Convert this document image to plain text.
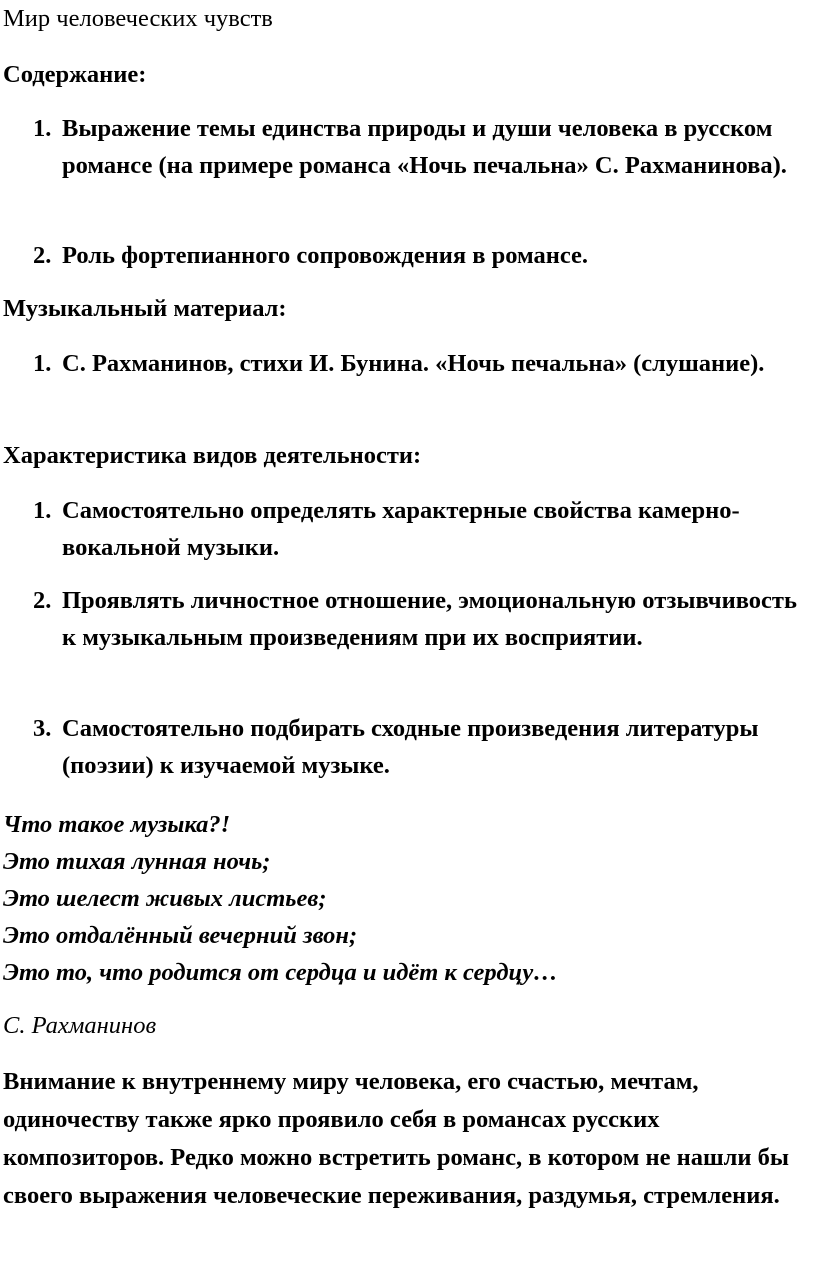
Мир человеческих чувств
Содержание:
1. Выражение темы единства природы и души человека в русском романсе (на примере романса «Ночь печальна» С. Рахманинова).
2. Роль фортепианного сопровождения в романсе.
Музыкальный материал:
1. С. Рахманинов, стихи И. Бунина. «Ночь печальна» (слушание).
Характеристика видов деятельности:
1. Самостоятельно определять характерные свойства камерно-вокальной музыки.
2. Проявлять личностное отношение, эмоциональную отзывчивость к музыкальным произведениям при их восприятии.
3. Самостоятельно подбирать сходные произведения литературы (поэзии) к изучаемой музыке.
Что такое музыка?!
Это тихая лунная ночь;
Это шелест живых листьев;
Это отдалённый вечерний звон;
Это то, что родится от сердца и идёт к сердцу…
С. Рахманинов
Внимание к внутреннему миру человека, его счастью, мечтам, одиночеству также ярко проявило себя в романсах русских композиторов. Редко можно встретить романс, в котором не нашли бы своего выражения человеческие переживания, раздумья, стремления.
